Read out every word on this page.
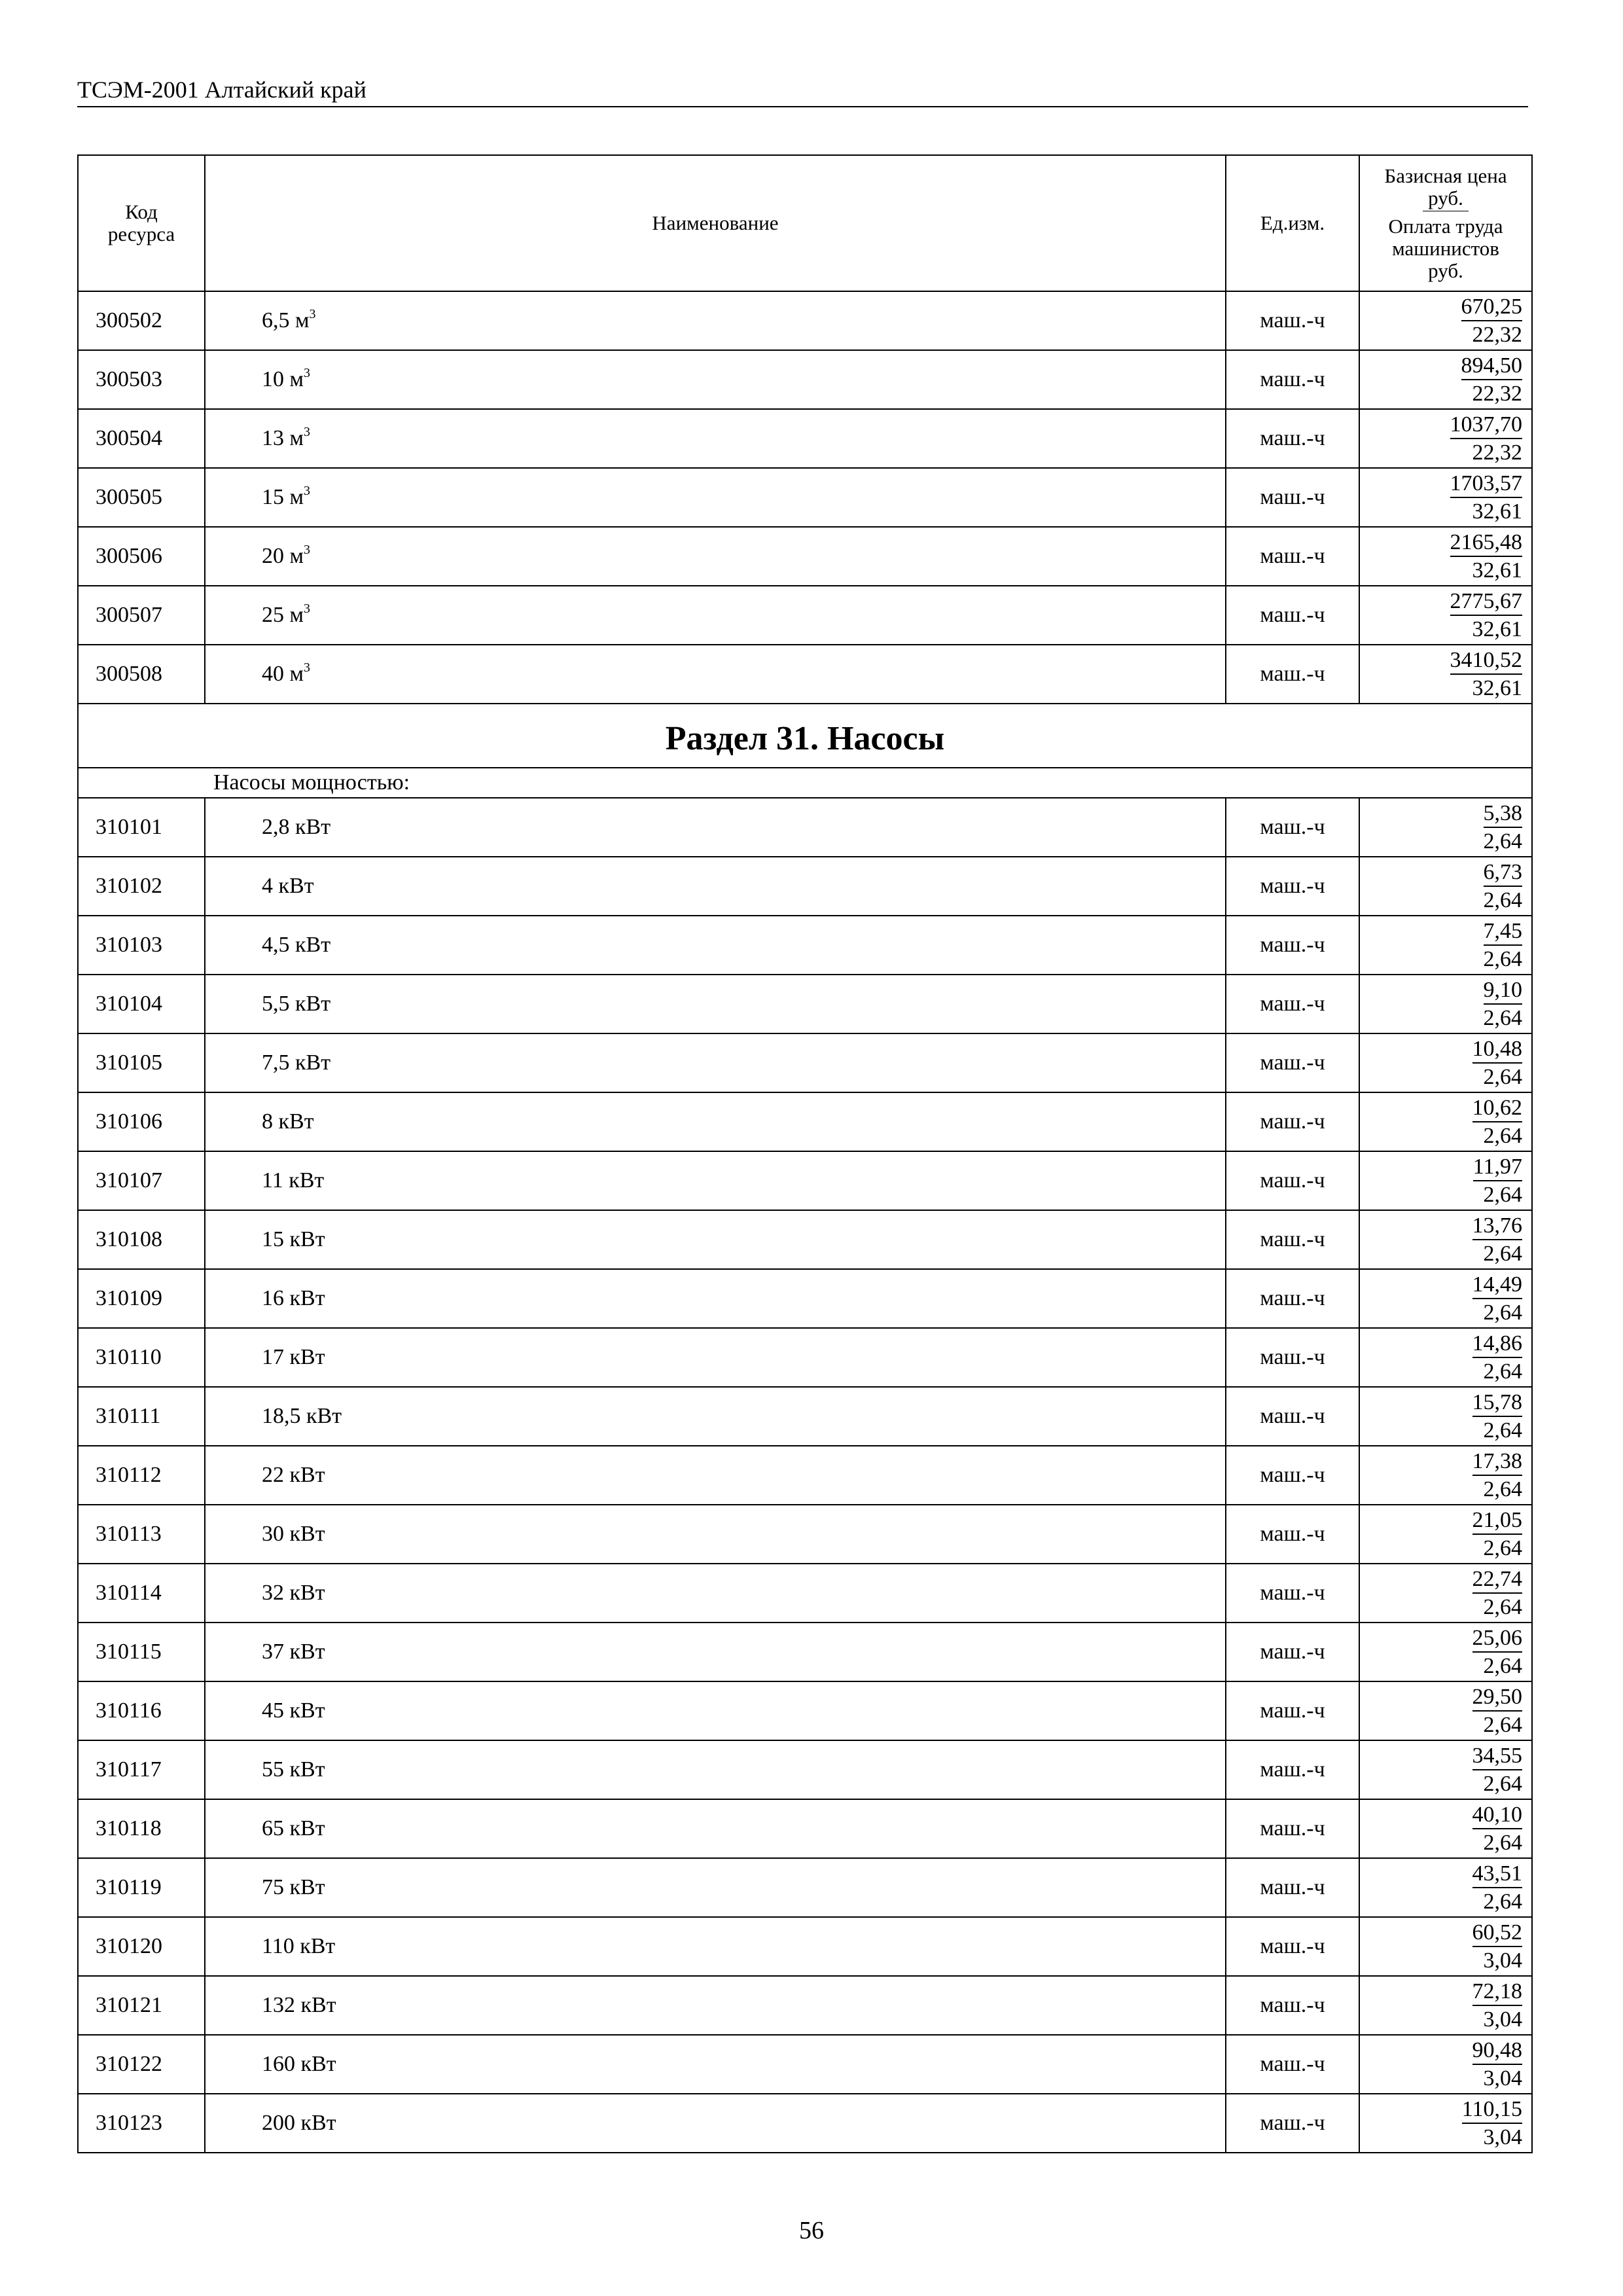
ТСЭМ-2001 Алтайский край
Код ресурса	Наименование	Ед.изм.	Базисная цена руб.
Оплата труда машинистов руб.

300502	6,5 $м^3$	маш.-ч	$\frac{670,25}{22,32}$

300503	10 $м^3$	маш.-ч	$\frac{894,50}{22,32}$

300504	13 $м^3$	маш.-ч	$\frac{1037,70}{22,32}$

300505	15 $м^3$	маш.-ч	$\frac{1703,57}{32,61}$

300506	20 $м^3$	маш.-ч	$\frac{2165,48}{32,61}$

300507	25 $м^3$	маш.-ч	$\frac{2775,67}{32,61}$

300508	40 $м^3$	маш.-ч	$\frac{3410,52}{32,61}$

Раздел 31. Насосы			
Насосы мощностью:			
310101	2,8 кВт	маш.-ч	$\frac{5,38}{2,64}$

310102	4 кВт	маш.-ч	$\frac{6,73}{2,64}$

310103	4,5 кВт	маш.-ч	$\frac{7,45}{2,64}$

310104	5,5 кВт	маш.-ч	$\frac{9,10}{2,64}$

310105	7,5 кВт	маш.-ч	$\frac{10,48}{2,64}$

310106	8 кВт	маш.-ч	$\frac{10,62}{2,64}$

310107	11 кВт	маш.-ч	$\frac{11,97}{2,64}$

310108	15 кВт	маш.-ч	$\frac{13,76}{2,64}$

310109	16 кВт	маш.-ч	$\frac{14,49}{2,64}$

310110	17 кВт	маш.-ч	$\frac{14,86}{2,64}$

310111	18,5 кВт	маш.-ч	$\frac{15,78}{2,64}$

310112	22 кВт	маш.-ч	$\frac{17,38}{2,64}$

310113	30 кВт	маш.-ч	$\frac{21,05}{2,64}$

310114	32 кВт	маш.-ч	$\frac{22,74}{2,64}$

310115	37 кВт	маш.-ч	$\frac{25,06}{2,64}$

310116	45 кВт	маш.-ч	$\frac{29,50}{2,64}$

310117	55 кВт	маш.-ч	$\frac{34,55}{2,64}$

310118	65 кВт	маш.-ч	$\frac{40,10}{2,64}$

310119	75 кВт	маш.-ч	$\frac{43,51}{2,64}$

310120	110 кВт	маш.-ч	$\frac{60,52}{3,04}$

310121	132 кВт	маш.-ч	$\frac{72,18}{3,04}$

310122	160 кВт	маш.-ч	$\frac{90,48}{3,04}$

310123	200 кВт	маш.-ч	$\frac{110,15}{3,04}$
56
